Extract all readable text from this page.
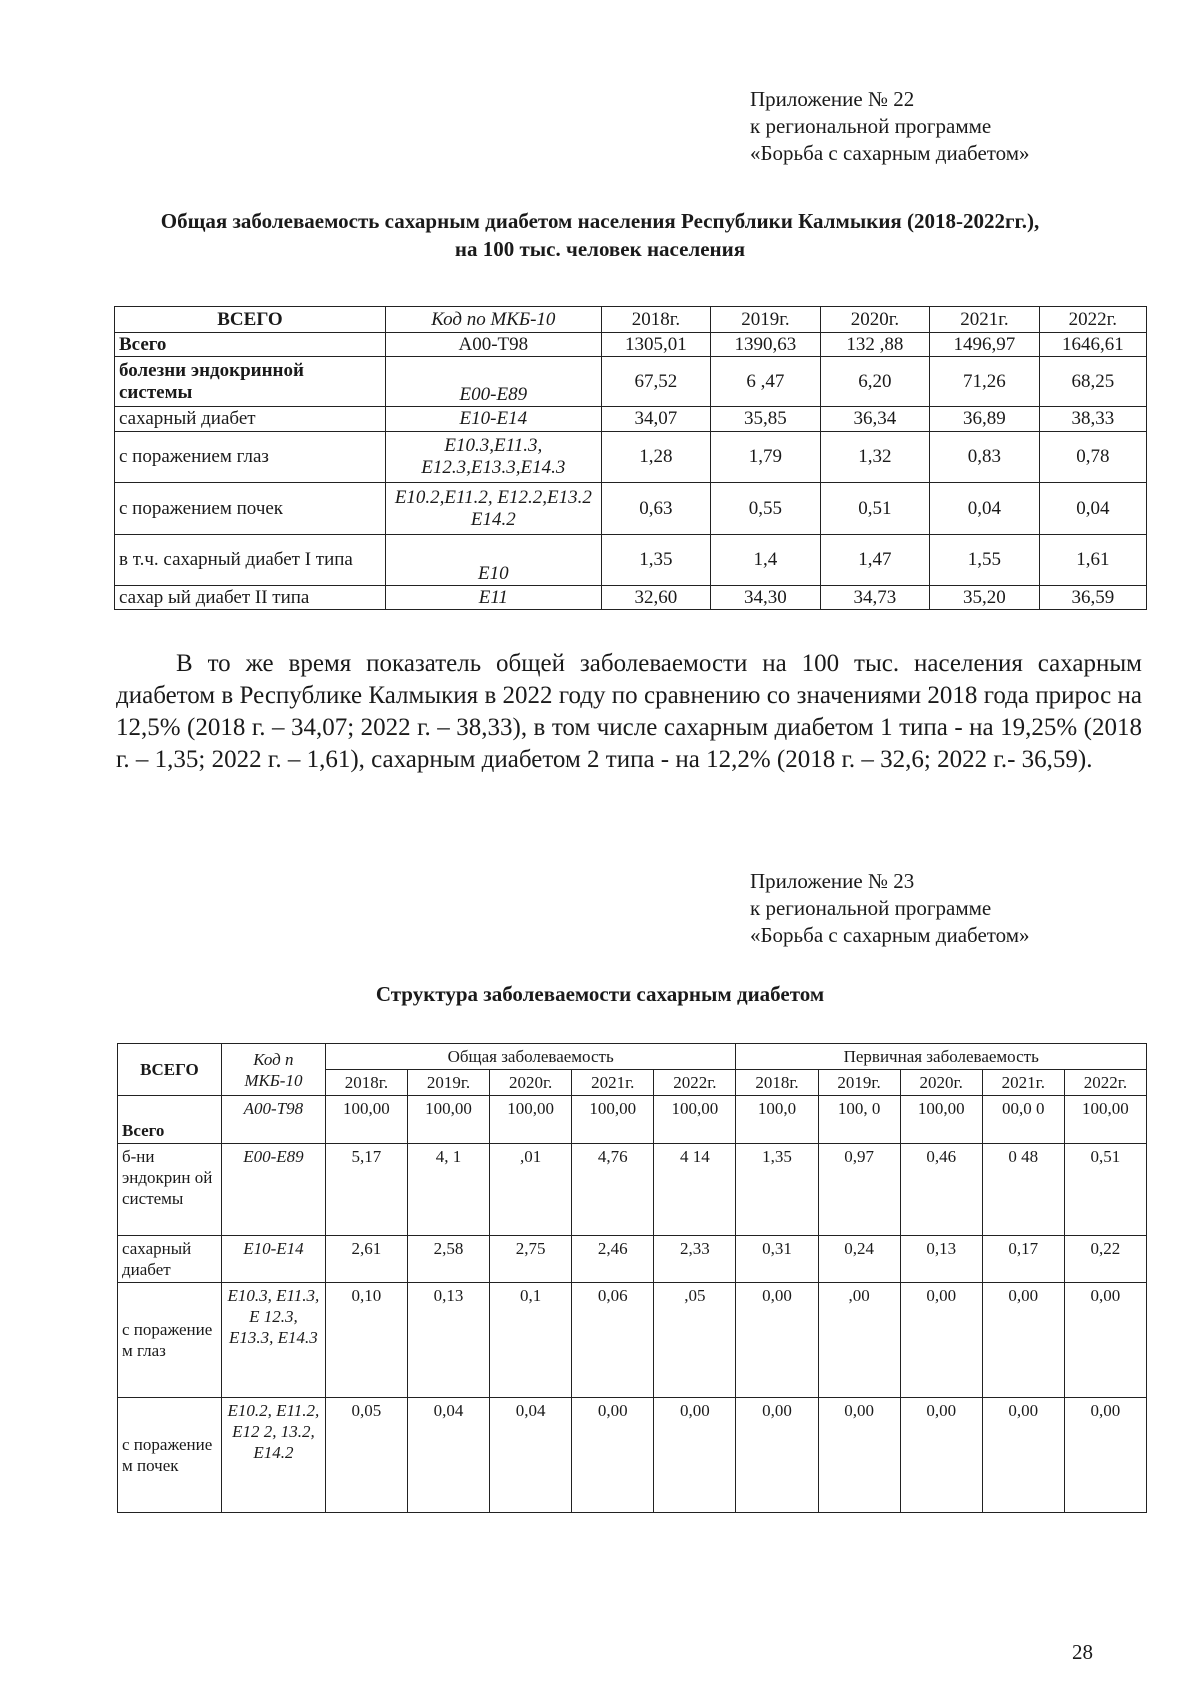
Приложение № 22
к региональной программе
«Борьба с сахарным диабетом»
Общая заболеваемость сахарным диабетом населения Республики Калмыкия (2018-2022гг.),
на 100 тыс. человек населения
ВСЕГО	Код по МКБ-10	2018г.	2019г.	2020г.	2021г.	2022г.
Всего	А00-Т98	1305,01	1390,63	132 ,88	1496,97	1646,61
болезни эндокринной системы	Е00-Е89	67,52	6 ,47	6,20	71,26	68,25
сахарный диабет	Е10-Е14	34,07	35,85	36,34	36,89	38,33
с поражением глаз	Е10.3,Е11.3, Е12.3,Е13.3,Е14.3	1,28	1,79	1,32	0,83	0,78
с поражением почек	Е10.2,Е11.2, Е12.2,Е13.2 Е14.2	0,63	0,55	0,51	0,04	0,04
в т.ч. сахарный диабет I типа	Е10	1,35	1,4	1,47	1,55	1,61
сахар ый диабет II типа	Е11	32,60	34,30	34,73	35,20	36,59
В то же время показатель общей заболеваемости на 100 тыс. населения сахарным диабетом в Республике Калмыкия в 2022 году по сравнению со значениями 2018 года прирос на 12,5% (2018 г. – 34,07; 2022 г. – 38,33), в том числе сахарным диабетом 1 типа - на 19,25% (2018 г. – 1,35; 2022 г. – 1,61), сахарным диабетом 2 типа - на 12,2% (2018 г. – 32,6; 2022 г.- 36,59).
Приложение № 23
к региональной программе
«Борьба с сахарным диабетом»
Структура заболеваемости сахарным диабетом
ВСЕГО	Код п МКБ-10	Общая заболеваемость					Первичная заболеваемость				
		2018г.	2019г.	2020г.	2021г.	2022г.	2018г.	2019г.	2020г.	2021г.	2022г.
Всего	А00-Т98	100,00	100,00	100,00	100,00	100,00	100,0	100, 0	100,00	00,0 0	100,00
б-ни эндокрин ой системы	Е00-Е89	5,17	4, 1	,01	4,76	4 14	1,35	0,97	0,46	0 48	0,51
сахарный диабет	Е10-Е14	2,61	2,58	2,75	2,46	2,33	0,31	0,24	0,13	0,17	0,22
с поражение м глаз	Е10.3, Е11.3, Е 12.3, Е13.3, Е14.3	0,10	0,13	0,1	0,06	,05	0,00	,00	0,00	0,00	0,00
с поражение м почек	Е10.2, Е11.2, Е12 2, 13.2, Е14.2	0,05	0,04	0,04	0,00	0,00	0,00	0,00	0,00	0,00	0,00
28
